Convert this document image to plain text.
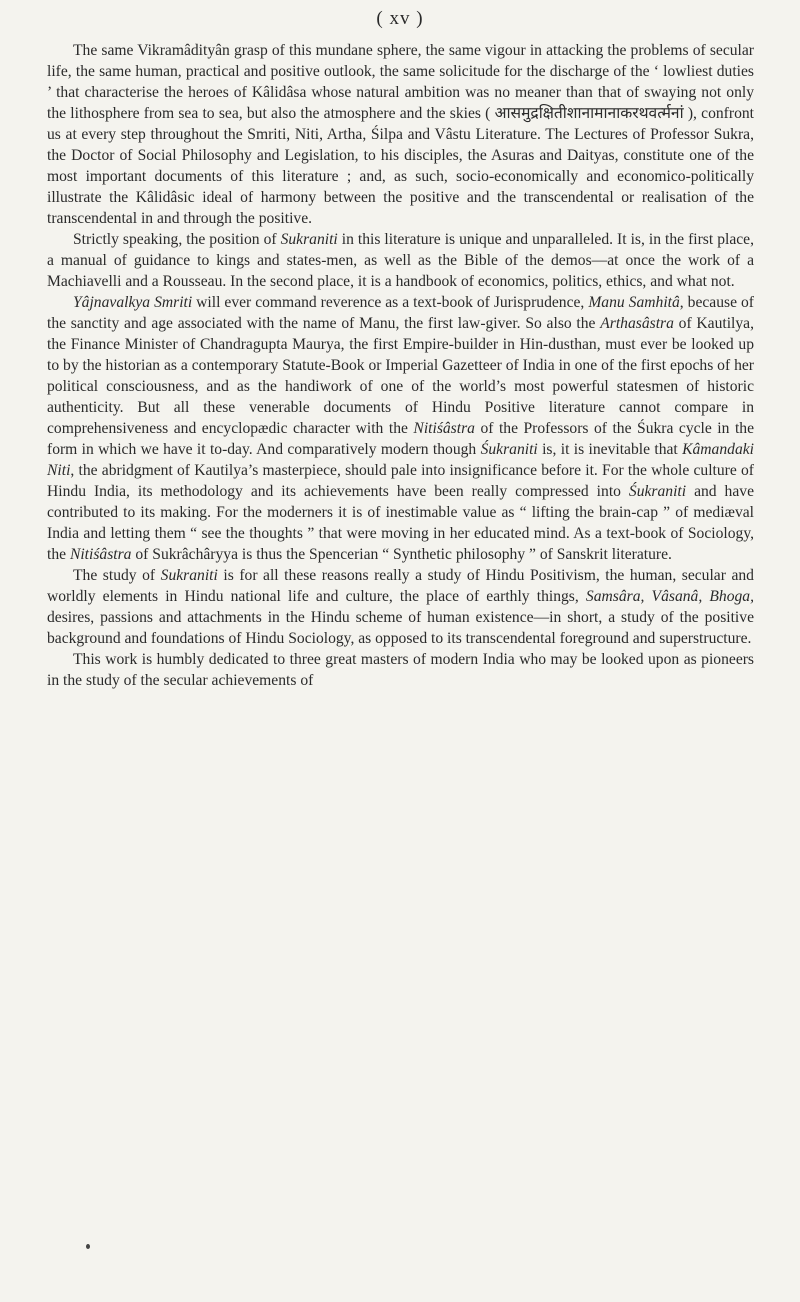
( xv )

The same Vikramâdityân grasp of this mundane sphere, the same vigour in attacking the problems of secular life, the same human, practical and positive outlook, the same solicitude for the discharge of the ‘ lowliest duties ’ that characterise the heroes of Kâlidâsa whose natural ambition was no meaner than that of swaying not only the lithosphere from sea to sea, but also the atmosphere and the skies ( आसमुद्रक्षितीशानामानाकरथवर्त्मनां ), confront us at every step throughout the Smriti, Niti, Artha, Śilpa and Vâstu Literature. The Lectures of Professor Sukra, the Doctor of Social Philosophy and Legislation, to his disciples, the Asuras and Daityas, constitute one of the most important documents of this literature ; and, as such, socio-economically and economico-politically illustrate the Kâlidâsic ideal of harmony between the positive and the transcendental or realisation of the transcendental in and through the positive.

Strictly speaking, the position of Sukraniti in this literature is unique and unparalleled. It is, in the first place, a manual of guidance to kings and states-men, as well as the Bible of the demos—at once the work of a Machiavelli and a Rousseau. In the second place, it is a handbook of economics, politics, ethics, and what not.

Yâjnavalkya Smriti will ever command reverence as a text-book of Jurisprudence, Manu Samhitâ, because of the sanctity and age associated with the name of Manu, the first law-giver. So also the Arthasâstra of Kautilya, the Finance Minister of Chandragupta Maurya, the first Empire-builder in Hin-dusthan, must ever be looked up to by the historian as a contemporary Statute-Book or Imperial Gazetteer of India in one of the first epochs of her political consciousness, and as the handiwork of one of the world’s most powerful statesmen of historic authenticity. But all these venerable documents of Hindu Positive literature cannot compare in comprehensiveness and encyclopædic character with the Nitiśâstra of the Professors of the Śukra cycle in the form in which we have it to-day. And comparatively modern though Śukraniti is, it is inevitable that Kâmandaki Niti, the abridgment of Kautilya’s masterpiece, should pale into insignificance before it. For the whole culture of Hindu India, its methodology and its achievements have been really compressed into Śukraniti and have contributed to its making. For the moderners it is of inestimable value as “ lifting the brain-cap ” of mediæval India and letting them “ see the thoughts ” that were moving in her educated mind. As a text-book of Sociology, the Nitiśâstra of Sukrâchâryya is thus the Spencerian “ Synthetic philosophy ” of Sanskrit literature.

The study of Sukraniti is for all these reasons really a study of Hindu Positivism, the human, secular and worldly elements in Hindu national life and culture, the place of earthly things, Samsâra, Vâsanâ, Bhoga, desires, passions and attachments in the Hindu scheme of human existence—in short, a study of the positive background and foundations of Hindu Sociology, as opposed to its transcendental foreground and superstructure.

This work is humbly dedicated to three great masters of modern India who may be looked upon as pioneers in the study of the secular achievements of
